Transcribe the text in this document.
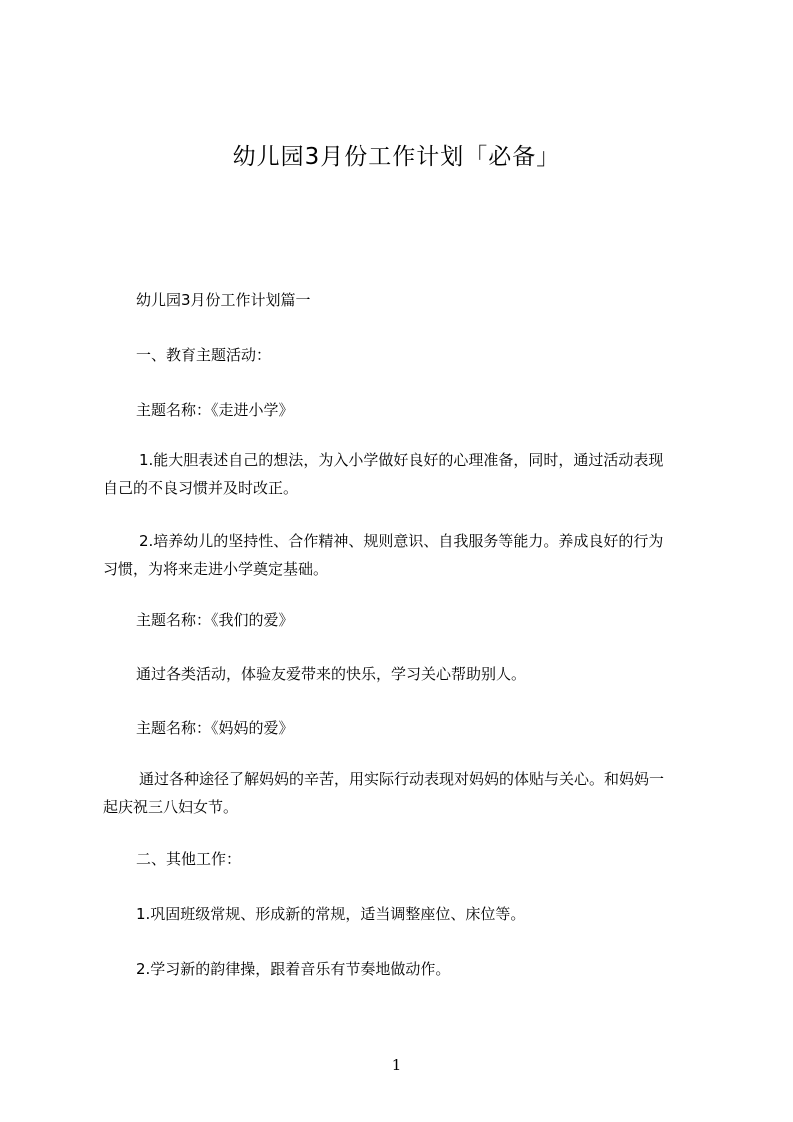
幼儿园3月份工作计划「必备」
幼儿园3月份工作计划篇一
一、教育主题活动：
主题名称：《走进小学》
1.能大胆表述自己的想法，为入小学做好良好的心理准备，同时，通过活动表现
自己的不良习惯并及时改正。
2.培养幼儿的坚持性、合作精神、规则意识、自我服务等能力。养成良好的行为
习惯，为将来走进小学奠定基础。
主题名称：《我们的爱》
通过各类活动，体验友爱带来的快乐，学习关心帮助别人。
主题名称：《妈妈的爱》
通过各种途径了解妈妈的辛苦，用实际行动表现对妈妈的体贴与关心。和妈妈一
起庆祝三八妇女节。
二、其他工作：
1.巩固班级常规、形成新的常规，适当调整座位、床位等。
2.学习新的韵律操，跟着音乐有节奏地做动作。
1
